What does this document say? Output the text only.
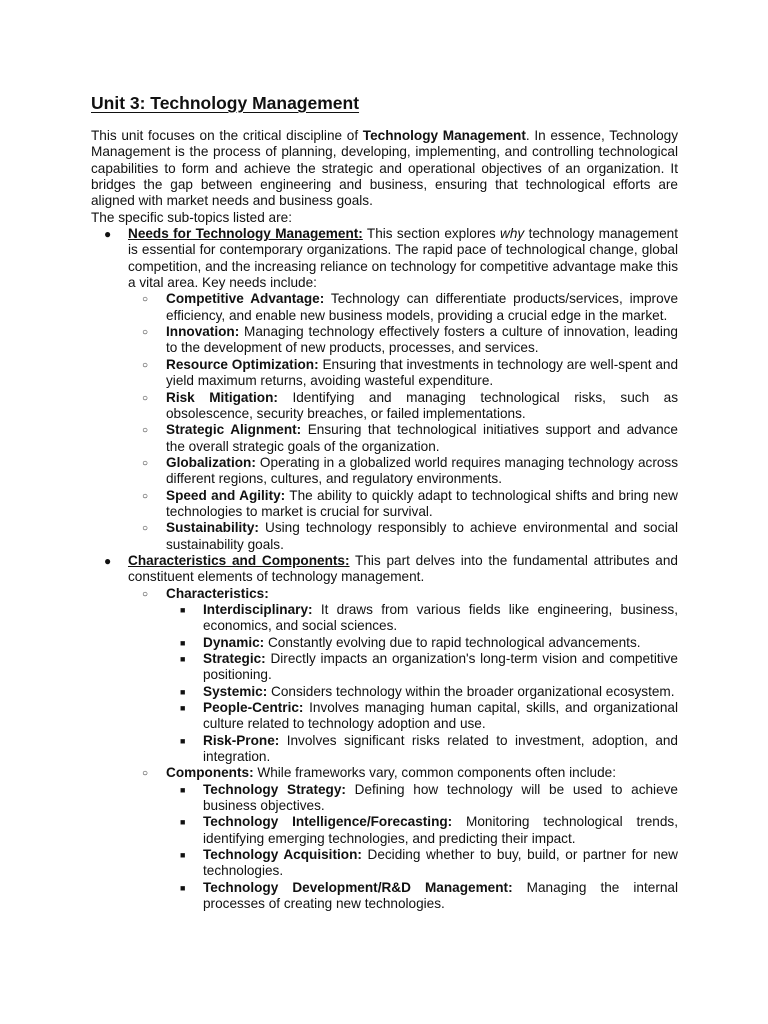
Unit 3: Technology Management

This unit focuses on the critical discipline of Technology Management. In essence, Technology Management is the process of planning, developing, implementing, and controlling technological capabilities to form and achieve the strategic and operational objectives of an organization. It bridges the gap between engineering and business, ensuring that technological efforts are aligned with market needs and business goals.

The specific sub-topics listed are:

● Needs for Technology Management: This section explores why technology management is essential for contemporary organizations. The rapid pace of technological change, global competition, and the increasing reliance on technology for competitive advantage make this a vital area. Key needs include:
○ Competitive Advantage: Technology can differentiate products/services, improve efficiency, and enable new business models, providing a crucial edge in the market.
○ Innovation: Managing technology effectively fosters a culture of innovation, leading to the development of new products, processes, and services.
○ Resource Optimization: Ensuring that investments in technology are well-spent and yield maximum returns, avoiding wasteful expenditure.
○ Risk Mitigation: Identifying and managing technological risks, such as obsolescence, security breaches, or failed implementations.
○ Strategic Alignment: Ensuring that technological initiatives support and advance the overall strategic goals of the organization.
○ Globalization: Operating in a globalized world requires managing technology across different regions, cultures, and regulatory environments.
○ Speed and Agility: The ability to quickly adapt to technological shifts and bring new technologies to market is crucial for survival.
○ Sustainability: Using technology responsibly to achieve environmental and social sustainability goals.
● Characteristics and Components: This part delves into the fundamental attributes and constituent elements of technology management.
○ Characteristics:
■ Interdisciplinary: It draws from various fields like engineering, business, economics, and social sciences.
■ Dynamic: Constantly evolving due to rapid technological advancements.
■ Strategic: Directly impacts an organization's long-term vision and competitive positioning.
■ Systemic: Considers technology within the broader organizational ecosystem.
■ People-Centric: Involves managing human capital, skills, and organizational culture related to technology adoption and use.
■ Risk-Prone: Involves significant risks related to investment, adoption, and integration.
○ Components: While frameworks vary, common components often include:
■ Technology Strategy: Defining how technology will be used to achieve business objectives.
■ Technology Intelligence/Forecasting: Monitoring technological trends, identifying emerging technologies, and predicting their impact.
■ Technology Acquisition: Deciding whether to buy, build, or partner for new technologies.
■ Technology Development/R&D Management: Managing the internal processes of creating new technologies.
